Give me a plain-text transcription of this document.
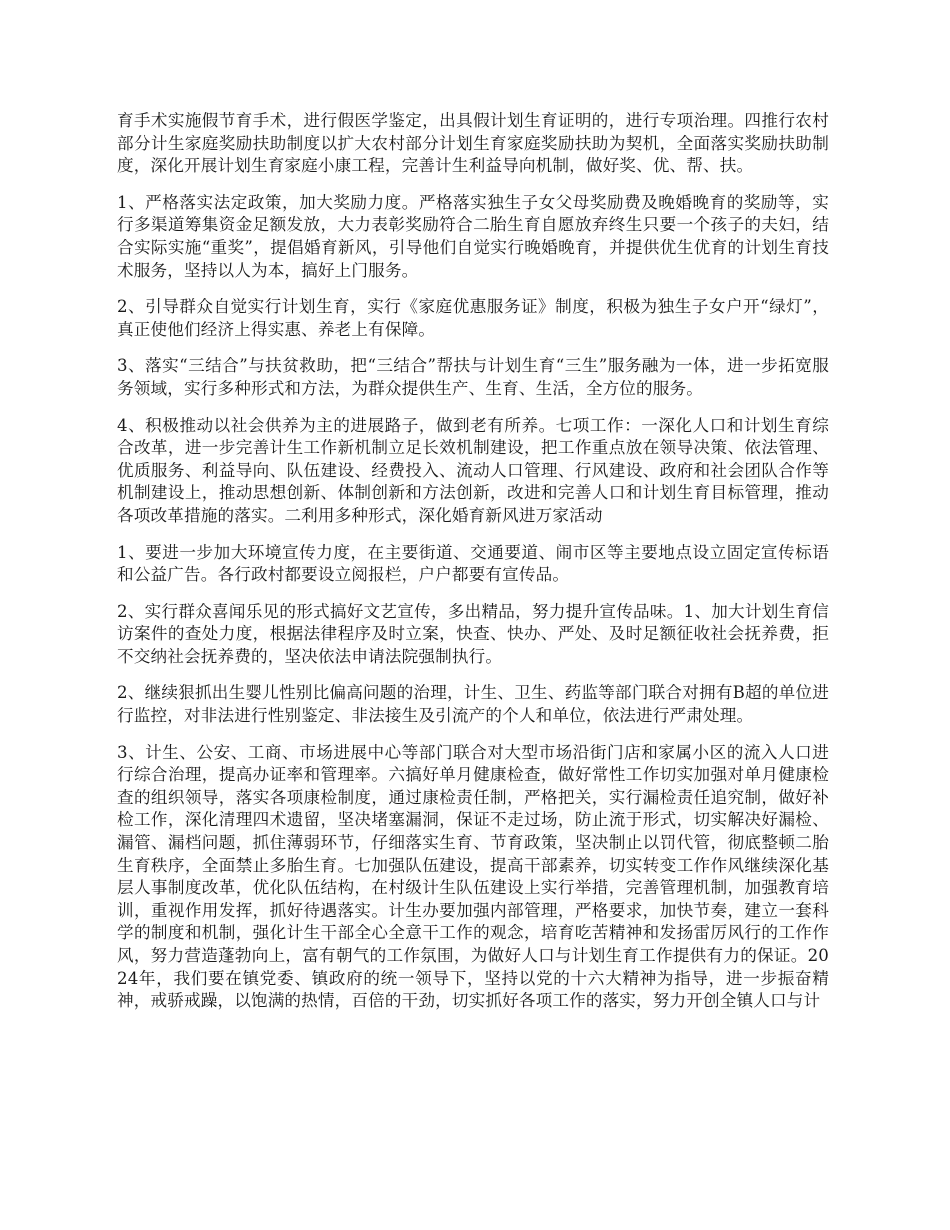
育手术实施假节育手术，进行假医学鉴定，出具假计划生育证明的，进行专项治理。四推行农村部分计生家庭奖励扶助制度以扩大农村部分计划生育家庭奖励扶助为契机，全面落实奖励扶助制度，深化开展计划生育家庭小康工程，完善计生利益导向机制，做好奖、优、帮、扶。

1、严格落实法定政策，加大奖励力度。严格落实独生子女父母奖励费及晚婚晚育的奖励等，实行多渠道筹集资金足额发放，大力表彰奖励符合二胎生育自愿放弃终生只要一个孩子的夫妇，结合实际实施“重奖”，提倡婚育新风，引导他们自觉实行晚婚晚育，并提供优生优育的计划生育技术服务，坚持以人为本，搞好上门服务。

2、引导群众自觉实行计划生育，实行《家庭优惠服务证》制度，积极为独生子女户开“绿灯”，真正使他们经济上得实惠、养老上有保障。

3、落实“三结合”与扶贫救助，把“三结合”帮扶与计划生育“三生”服务融为一体，进一步拓宽服务领域，实行多种形式和方法，为群众提供生产、生育、生活，全方位的服务。

4、积极推动以社会供养为主的进展路子，做到老有所养。七项工作：一深化人口和计划生育综合改革，进一步完善计生工作新机制立足长效机制建设，把工作重点放在领导决策、依法管理、优质服务、利益导向、队伍建设、经费投入、流动人口管理、行风建设、政府和社会团队合作等机制建设上，推动思想创新、体制创新和方法创新，改进和完善人口和计划生育目标管理，推动各项改革措施的落实。二利用多种形式，深化婚育新风进万家活动

1、要进一步加大环境宣传力度，在主要街道、交通要道、闹市区等主要地点设立固定宣传标语和公益广告。各行政村都要设立阅报栏，户户都要有宣传品。

2、实行群众喜闻乐见的形式搞好文艺宣传，多出精品，努力提升宣传品味。1、加大计划生育信访案件的查处力度，根据法律程序及时立案，快查、快办、严处、及时足额征收社会抚养费，拒不交纳社会抚养费的，坚决依法申请法院强制执行。

2、继续狠抓出生婴儿性别比偏高问题的治理，计生、卫生、药监等部门联合对拥有B超的单位进行监控，对非法进行性别鉴定、非法接生及引流产的个人和单位，依法进行严肃处理。

3、计生、公安、工商、市场进展中心等部门联合对大型市场沿街门店和家属小区的流入人口进行综合治理，提高办证率和管理率。六搞好单月健康检查，做好常性工作切实加强对单月健康检查的组织领导，落实各项康检制度，通过康检责任制，严格把关，实行漏检责任追究制，做好补检工作，深化清理四术遗留，坚决堵塞漏洞，保证不走过场，防止流于形式，切实解决好漏检、漏管、漏档问题，抓住薄弱环节，仔细落实生育、节育政策，坚决制止以罚代管，彻底整顿二胎生育秩序，全面禁止多胎生育。七加强队伍建设，提高干部素养，切实转变工作作风继续深化基层人事制度改革，优化队伍结构，在村级计生队伍建设上实行举措，完善管理机制，加强教育培训，重视作用发挥，抓好待遇落实。计生办要加强内部管理，严格要求，加快节奏，建立一套科学的制度和机制，强化计生干部全心全意干工作的观念，培育吃苦精神和发扬雷厉风行的工作作风，努力营造蓬勃向上，富有朝气的工作氛围，为做好人口与计划生育工作提供有力的保证。2024年，我们要在镇党委、镇政府的统一领导下，坚持以党的十六大精神为指导，进一步振奋精神，戒骄戒躁，以饱满的热情，百倍的干劲，切实抓好各项工作的落实，努力开创全镇人口与计
